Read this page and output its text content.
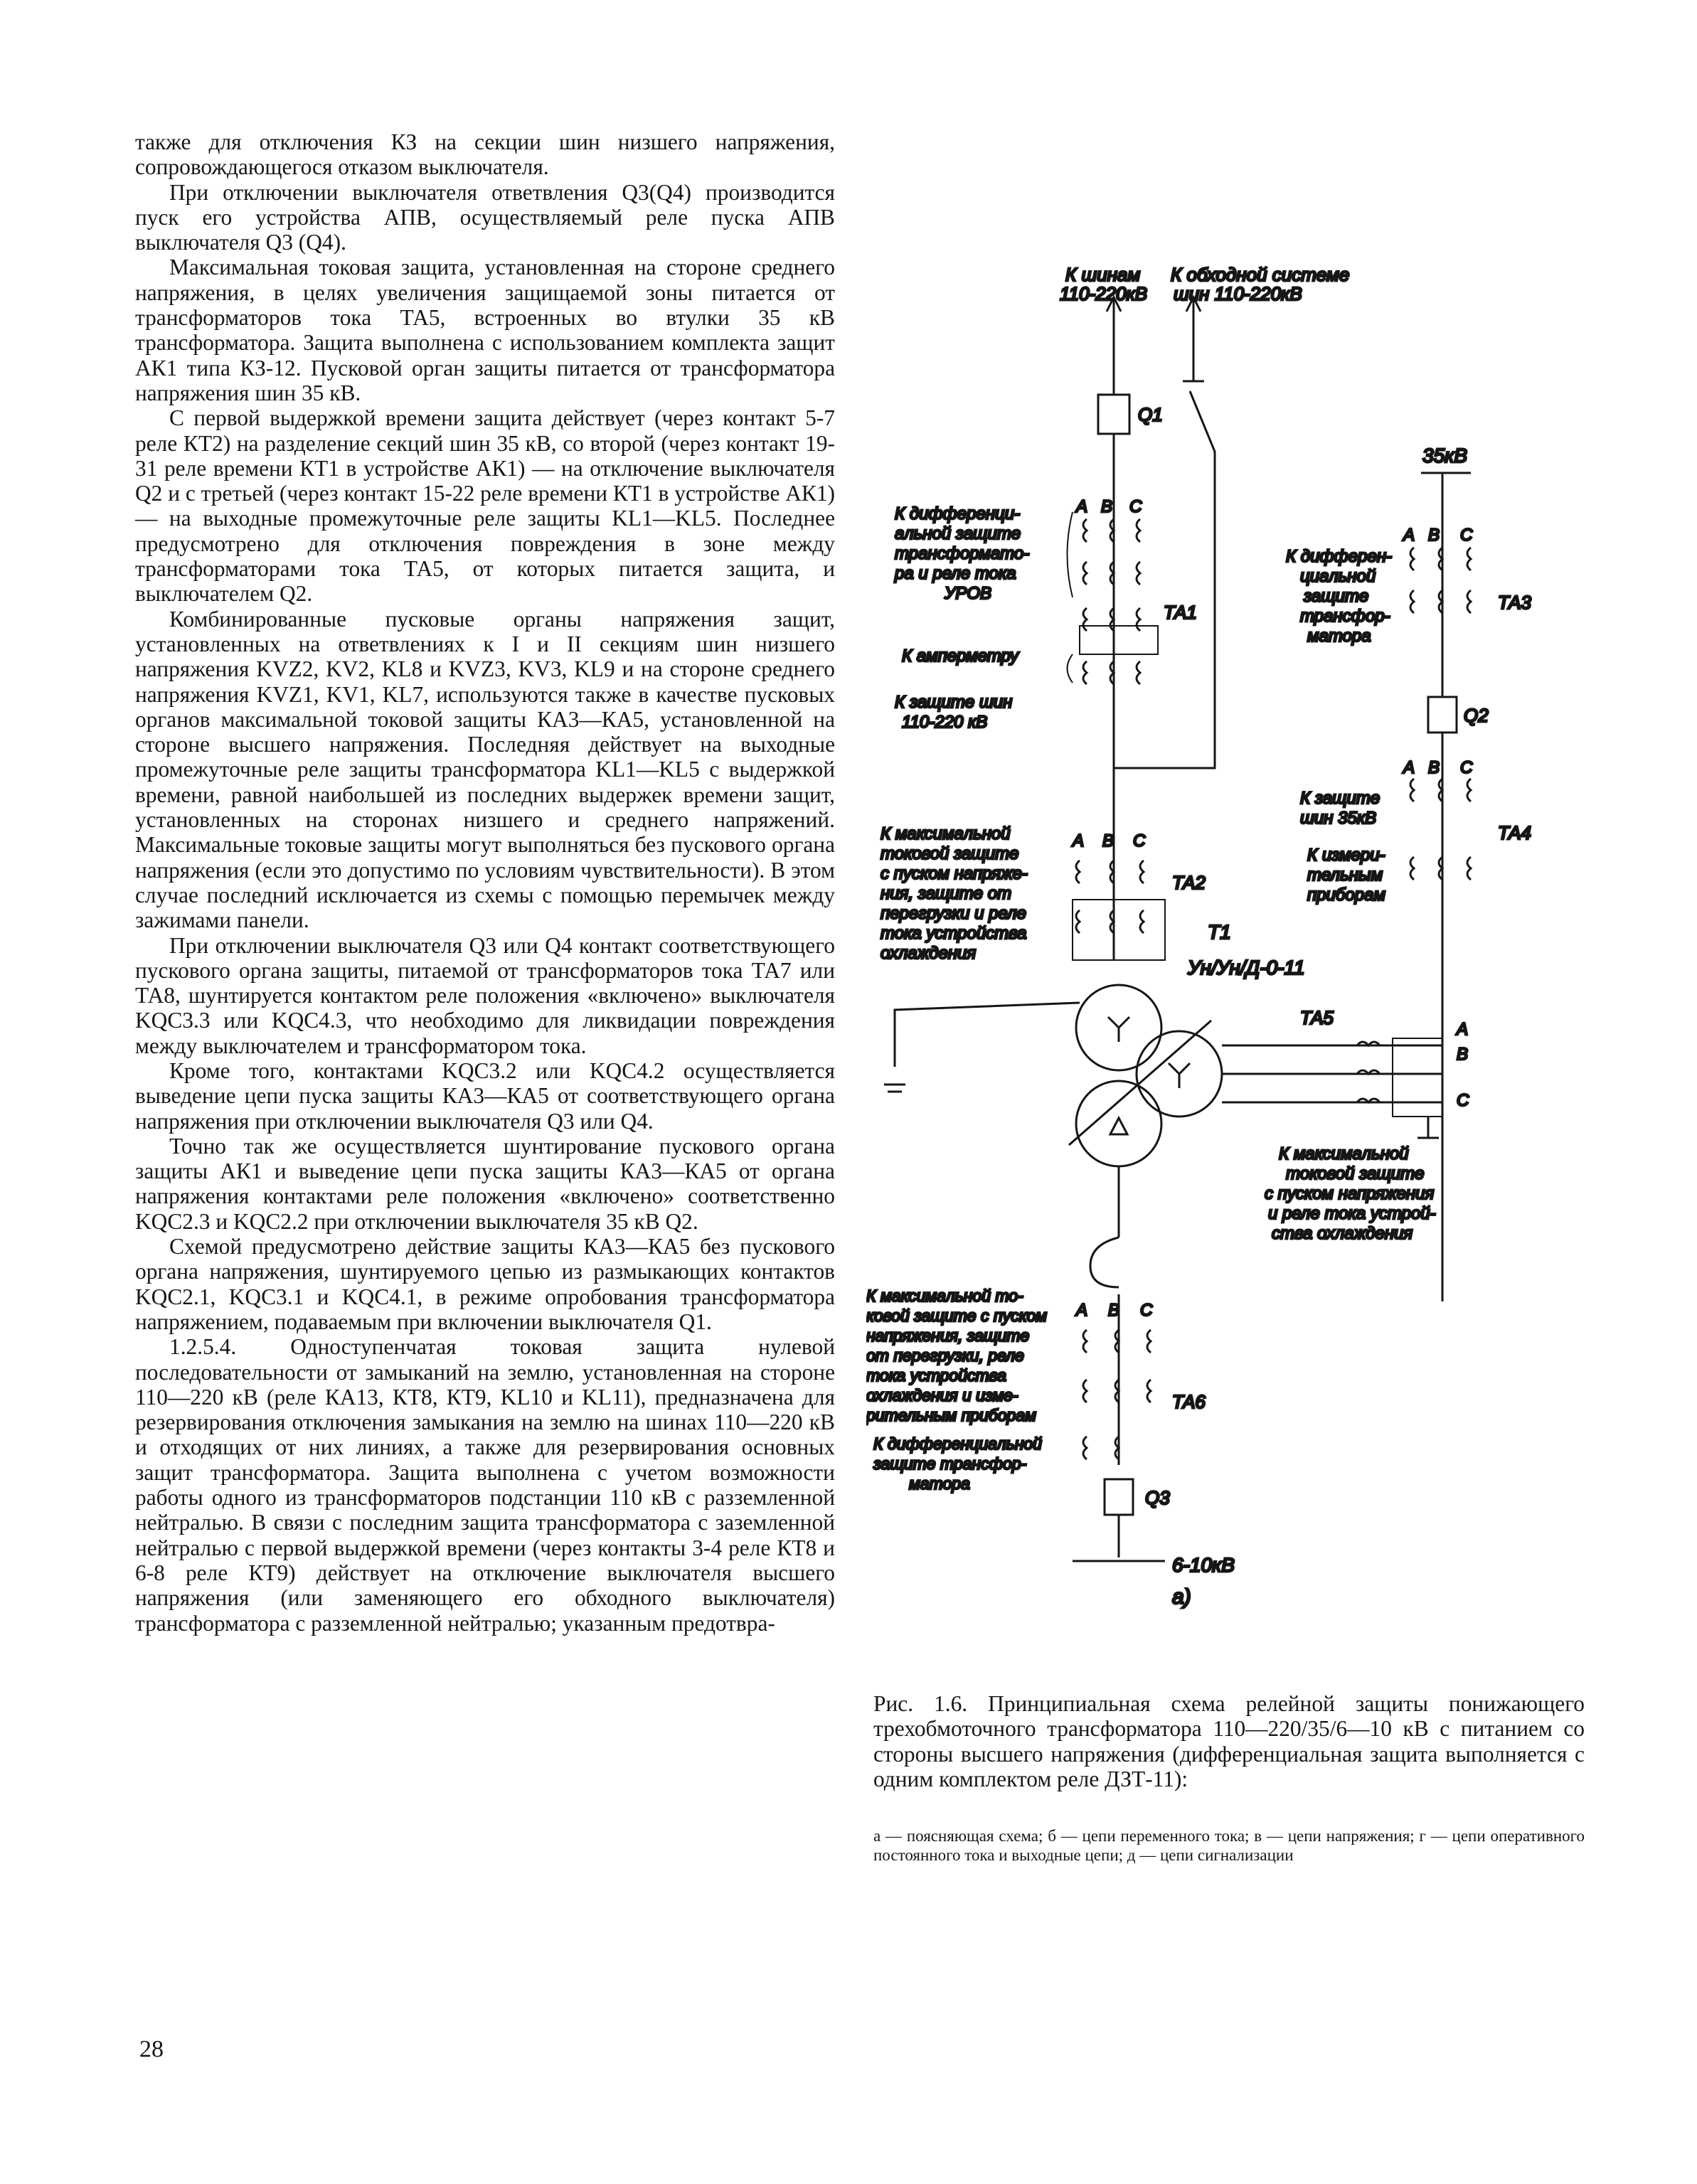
также для отключения КЗ на секции шин низшего напряжения, сопровождающегося отказом выключателя.

При отключении выключателя ответвления Q3(Q4) производится пуск его устройства АПВ, осуществляемый реле пуска АПВ выключателя Q3 (Q4).

Максимальная токовая защита, установленная на стороне среднего напряжения, в целях увеличения защищаемой зоны питается от трансформаторов тока ТА5, встроенных во втулки 35 кВ трансформатора. Защита выполнена с использованием комплекта защит АК1 типа КЗ-12. Пусковой орган защиты питается от трансформатора напряжения шин 35 кВ.

С первой выдержкой времени защита действует (через контакт 5-7 реле КТ2) на разделение секций шин 35 кВ, со второй (через контакт 19-31 реле времени КТ1 в устройстве АК1) — на отключение выключателя Q2 и с третьей (через контакт 15-22 реле времени КТ1 в устройстве АК1) — на выходные промежуточные реле защиты KL1—KL5. Последнее предусмотрено для отключения повреждения в зоне между трансформаторами тока ТА5, от которых питается защита, и выключателем Q2.

Комбинированные пусковые органы напряжения защит, установленных на ответвлениях к I и II секциям шин низшего напряжения KVZ2, KV2, KL8 и KVZ3, KV3, KL9 и на стороне среднего напряжения KVZ1, KV1, KL7, используются также в качестве пусковых органов максимальной токовой защиты КА3—КА5, установленной на стороне высшего напряжения. Последняя действует на выходные промежуточные реле защиты трансформатора KL1—KL5 с выдержкой времени, равной наибольшей из последних выдержек времени защит, установленных на сторонах низшего и среднего напряжений. Максимальные токовые защиты могут выполняться без пускового органа напряжения (если это допустимо по условиям чувствительности). В этом случае последний исключается из схемы с помощью перемычек между зажимами панели.

При отключении выключателя Q3 или Q4 контакт соответствующего пускового органа защиты, питаемой от трансформаторов тока ТА7 или ТА8, шунтируется контактом реле положения «включено» выключателя KQC3.3 или KQC4.3, что необходимо для ликвидации повреждения между выключателем и трансформатором тока.

Кроме того, контактами KQC3.2 или KQC4.2 осуществляется выведение цепи пуска защиты КА3—КА5 от соответствующего органа напряжения при отключении выключателя Q3 или Q4.

Точно так же осуществляется шунтирование пускового органа защиты АК1 и выведение цепи пуска защиты КА3—КА5 от органа напряжения контактами реле положения «включено» соответственно KQC2.3 и KQC2.2 при отключении выключателя 35 кВ Q2.

Схемой предусмотрено действие защиты КА3—КА5 без пускового органа напряжения, шунтируемого цепью из размыкающих контактов KQC2.1, KQC3.1 и KQC4.1, в режиме опробования трансформатора напряжением, подаваемым при включении выключателя Q1.

1.2.5.4. Одноступенчатая токовая защита нулевой последовательности от замыканий на землю, установленная на стороне 110—220 кВ (реле КА13, КТ8, КТ9, KL10 и KL11), предназначена для резервирования отключения замыкания на землю на шинах 110—220 кВ и отходящих от них линиях, а также для резервирования основных защит трансформатора. Защита выполнена с учетом возможности работы одного из трансформаторов подстанции 110 кВ с разземленной нейтралью. В связи с последним защита трансформатора с заземленной нейтралью с первой выдержкой времени (через контакты 3-4 реле КТ8 и 6-8 реле КТ9) действует на отключение выключателя высшего напряжения (или заменяющего его обходного выключателя) трансформатора с разземленной нейтралью; указанным предотвра-

28
К шинам
110-220кВ
К обходной системе
шин 110-220кВ
Q1
35кВ
К дифференци-
альной защите
трансформато-
ра и реле тока
УРОВ
А В С
ТА1
К амперметру
К защите шин
110-220 кВ
К дифферен-
циальной
защите
трансфор-
матора
А В С
ТА3
Q2
А В С
К защите
шин 35кВ
К измери-
тельным
приборам
ТА4
К максимальной
токовой защите
с пуском напряже-
ния, защите от
перегрузки и реле
тока устройства
охлаждения
А В С
ТА2
Т1
Ун/Ун/Д-0-11
ТА5
А
В
С
К максимальной
токовой защите
с пуском напряжения
и реле тока устрой-
ства охлаждения
К максимальной то-
ковой защите с пуском
напряжения, защите
от перегрузки, реле
тока устройства
охлаждения и изме-
рительным приборам
А В С
ТА6
К дифференциальной
защите трансфор-
матора
Q3
6-10кВ
а)
Рис. 1.6. Принципиальная схема релейной защиты понижающего трехобмоточного трансформатора 110—220/35/6—10 кВ с питанием со стороны высшего напряжения (дифференциальная защита выполняется с одним комплектом реле ДЗТ-11):
а — поясняющая схема; б — цепи переменного тока; в — цепи напряжения; г — цепи оперативного постоянного тока и выходные цепи; д — цепи сигнализации
